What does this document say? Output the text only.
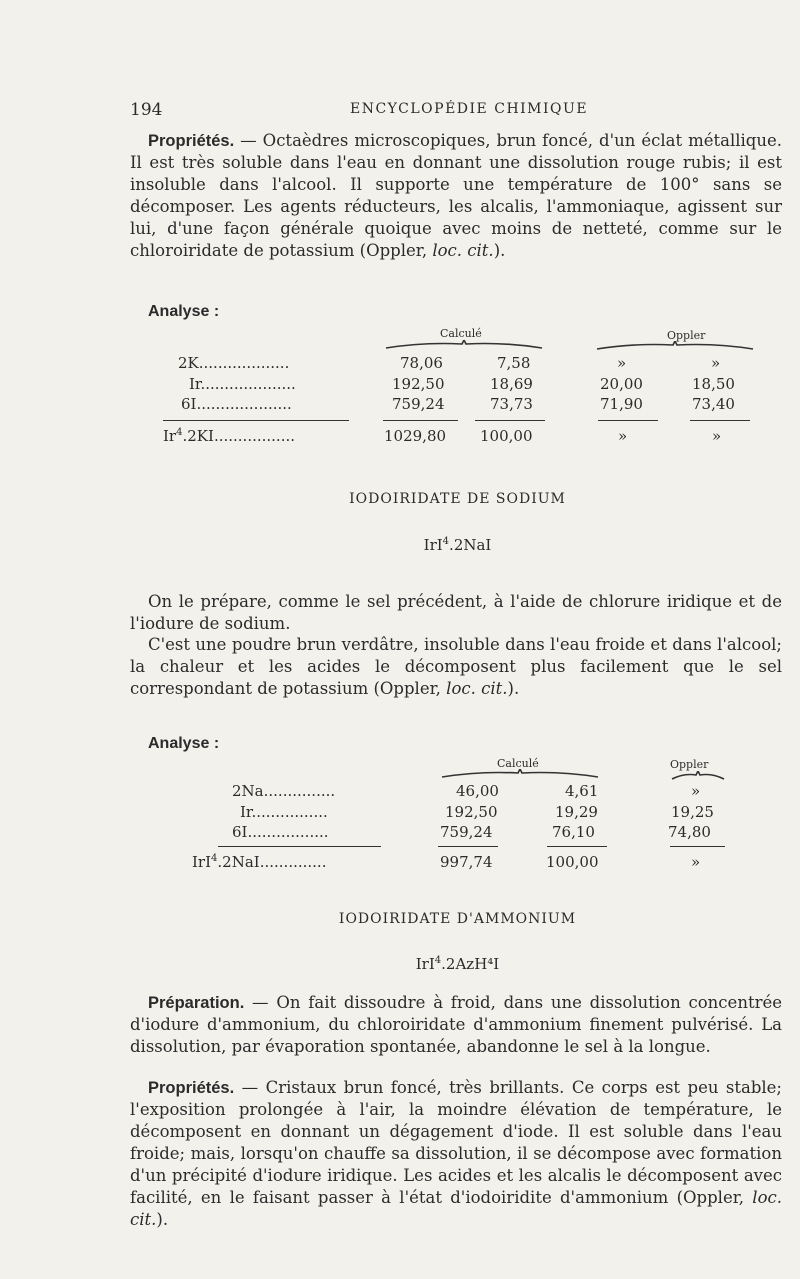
194	ENCYCLOPÉDIE CHIMIQUE
Propriétés. — Octaèdres microscopiques, brun foncé, d'un éclat métallique. Il est très soluble dans l'eau en donnant une dissolution rouge rubis; il est insoluble dans l'alcool. Il supporte une température de 100° sans se décomposer. Les agents réducteurs, les alcalis, l'ammoniaque, agissent sur lui, d'une façon générale quoique avec moins de netteté, comme sur le chloroiridate de potassium (Oppler, loc. cit.).
Analyse :
Calculé	Oppler
2K...................	78,06	7,58	»	»
Ir....................	192,50	18,69	20,00	18,50
6I....................	759,24	73,73	71,90	73,40
Ir$^4$.2KI.................	1029,80 100,00	»	»
IODOIRIDATE DE SODIUM
IrI$^4$.2NaI
On le prépare, comme le sel précédent, à l'aide de chlorure iridique et de l'iodure de sodium.
C'est une poudre brun verdâtre, insoluble dans l'eau froide et dans l'alcool; la chaleur et les acides le décomposent plus facilement que le sel correspondant de potassium (Oppler, loc. cit.).
Analyse :
Calculé	Oppler
2Na...............	46,00	4,61	»
Ir................	192,50	19,29	19,25
6I.................	759,24	76,10	74,80
IrI$^4$.2NaI..............	997,74	100,00	»
IODOIRIDATE D'AMMONIUM
IrI$^4$.2AzH⁴I
Préparation. — On fait dissoudre à froid, dans une dissolution concentrée d'iodure d'ammonium, du chloroiridate d'ammonium finement pulvérisé. La dissolution, par évaporation spontanée, abandonne le sel à la longue.
Propriétés. — Cristaux brun foncé, très brillants. Ce corps est peu stable; l'exposition prolongée à l'air, la moindre élévation de température, le décomposent en donnant un dégagement d'iode. Il est soluble dans l'eau froide; mais, lorsqu'on chauffe sa dissolution, il se décompose avec formation d'un précipité d'iodure iridique. Les acides et les alcalis le décomposent avec facilité, en le faisant passer à l'état d'iodoiridite d'ammonium (Oppler, loc. cit.).
